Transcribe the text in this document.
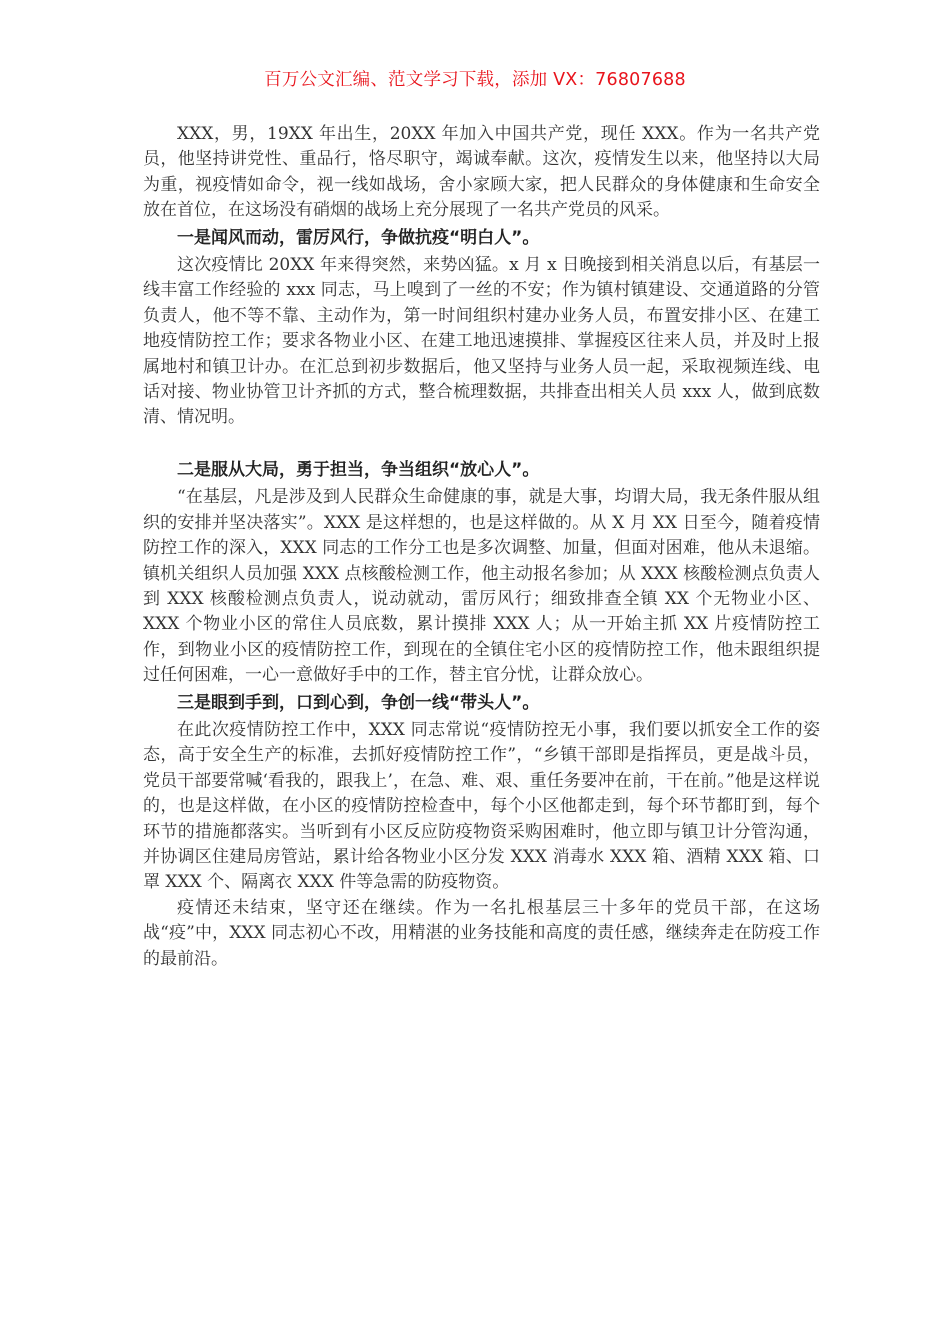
百万公文汇编、范文学习下载，添加 VX：76807688

XXX，男，19XX 年出生，20XX 年加入中国共产党，现任 XXX。作为一名共产党员，他坚持讲党性、重品行，恪尽职守，竭诚奉献。这次，疫情发生以来，他坚持以大局为重，视疫情如命令，视一线如战场，舍小家顾大家，把人民群众的身体健康和生命安全放在首位，在这场没有硝烟的战场上充分展现了一名共产党员的风采。

一是闻风而动，雷厉风行，争做抗疫“明白人”。

这次疫情比 20XX 年来得突然，来势凶猛。x 月 x 日晚接到相关消息以后，有基层一线丰富工作经验的 xxx 同志，马上嗅到了一丝的不安；作为镇村镇建设、交通道路的分管负责人，他不等不靠、主动作为，第一时间组织村建办业务人员，布置安排小区、在建工地疫情防控工作；要求各物业小区、在建工地迅速摸排、掌握疫区往来人员，并及时上报属地村和镇卫计办。在汇总到初步数据后，他又坚持与业务人员一起，采取视频连线、电话对接、物业协管卫计齐抓的方式，整合梳理数据，共排查出相关人员 xxx 人，做到底数清、情况明。

二是服从大局，勇于担当，争当组织“放心人”。

“在基层，凡是涉及到人民群众生命健康的事，就是大事，均谓大局，我无条件服从组织的安排并坚决落实”。XXX 是这样想的，也是这样做的。从 X 月 XX 日至今，随着疫情防控工作的深入，XXX 同志的工作分工也是多次调整、加量，但面对困难，他从未退缩。镇机关组织人员加强 XXX 点核酸检测工作，他主动报名参加；从 XXX 核酸检测点负责人到 XXX 核酸检测点负责人，说动就动，雷厉风行；细致排查全镇 XX 个无物业小区、XXX 个物业小区的常住人员底数，累计摸排 XXX 人；从一开始主抓 XX 片疫情防控工作，到物业小区的疫情防控工作，到现在的全镇住宅小区的疫情防控工作，他未跟组织提过任何困难，一心一意做好手中的工作，替主官分忧，让群众放心。

三是眼到手到，口到心到，争创一线“带头人”。

在此次疫情防控工作中，XXX 同志常说“疫情防控无小事，我们要以抓安全工作的姿态，高于安全生产的标准，去抓好疫情防控工作”，“乡镇干部即是指挥员，更是战斗员，党员干部要常喊‘看我的，跟我上’，在急、难、艰、重任务要冲在前，干在前。”他是这样说的，也是这样做，在小区的疫情防控检查中，每个小区他都走到，每个环节都盯到，每个环节的措施都落实。当听到有小区反应防疫物资采购困难时，他立即与镇卫计分管沟通，并协调区住建局房管站，累计给各物业小区分发 XXX 消毒水 XXX 箱、酒精 XXX 箱、口罩 XXX 个、隔离衣 XXX 件等急需的防疫物资。

疫情还未结束，坚守还在继续。作为一名扎根基层三十多年的党员干部，在这场战“疫”中，XXX 同志初心不改，用精湛的业务技能和高度的责任感，继续奔走在防疫工作的最前沿。
